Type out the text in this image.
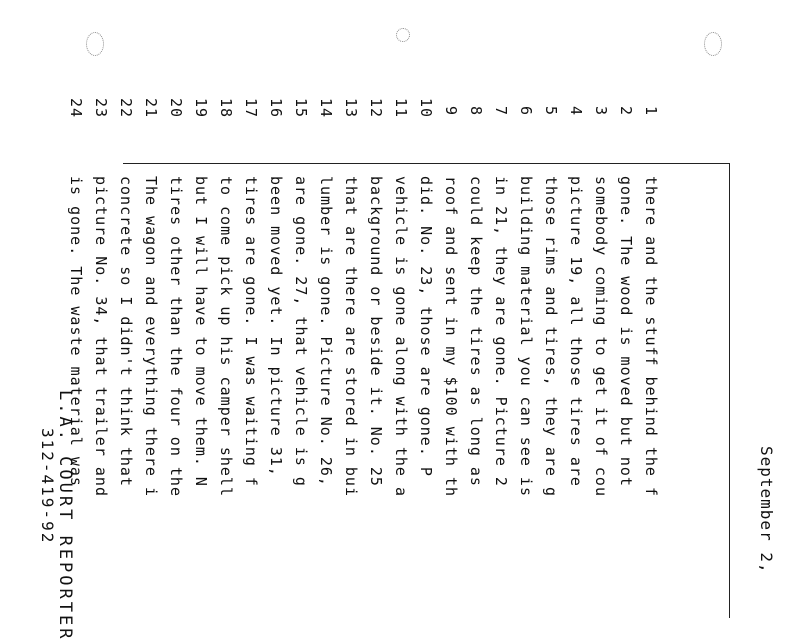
September 2,
1
there and the stuff behind the f
2
gone. The wood is moved but not
3
somebody coming to get it of cou
4
picture 19, all those tires are
5
those rims and tires, they are g
6
building material you can see is
7
in 21, they are gone. Picture 2
8
could keep the tires as long as
9
roof and sent in my $100 with th
10
did. No. 23, those are gone. P
11
vehicle is gone along with the a
12
background or beside it. No. 25
13
that are there are stored in bui
14
lumber is gone. Picture No. 26,
15
are gone. 27, that vehicle is g
16
been moved yet. In picture 31,
17
tires are gone. I was waiting f
18
to come pick up his camper shell
19
but I will have to move them. N
20
tires other than the four on the
21
The wagon and everything there i
22
concrete so I didn't think that
23
picture No. 34, that trailer and
24
is gone. The waste material was
L.A. COURT REPORTER
312-419-92
